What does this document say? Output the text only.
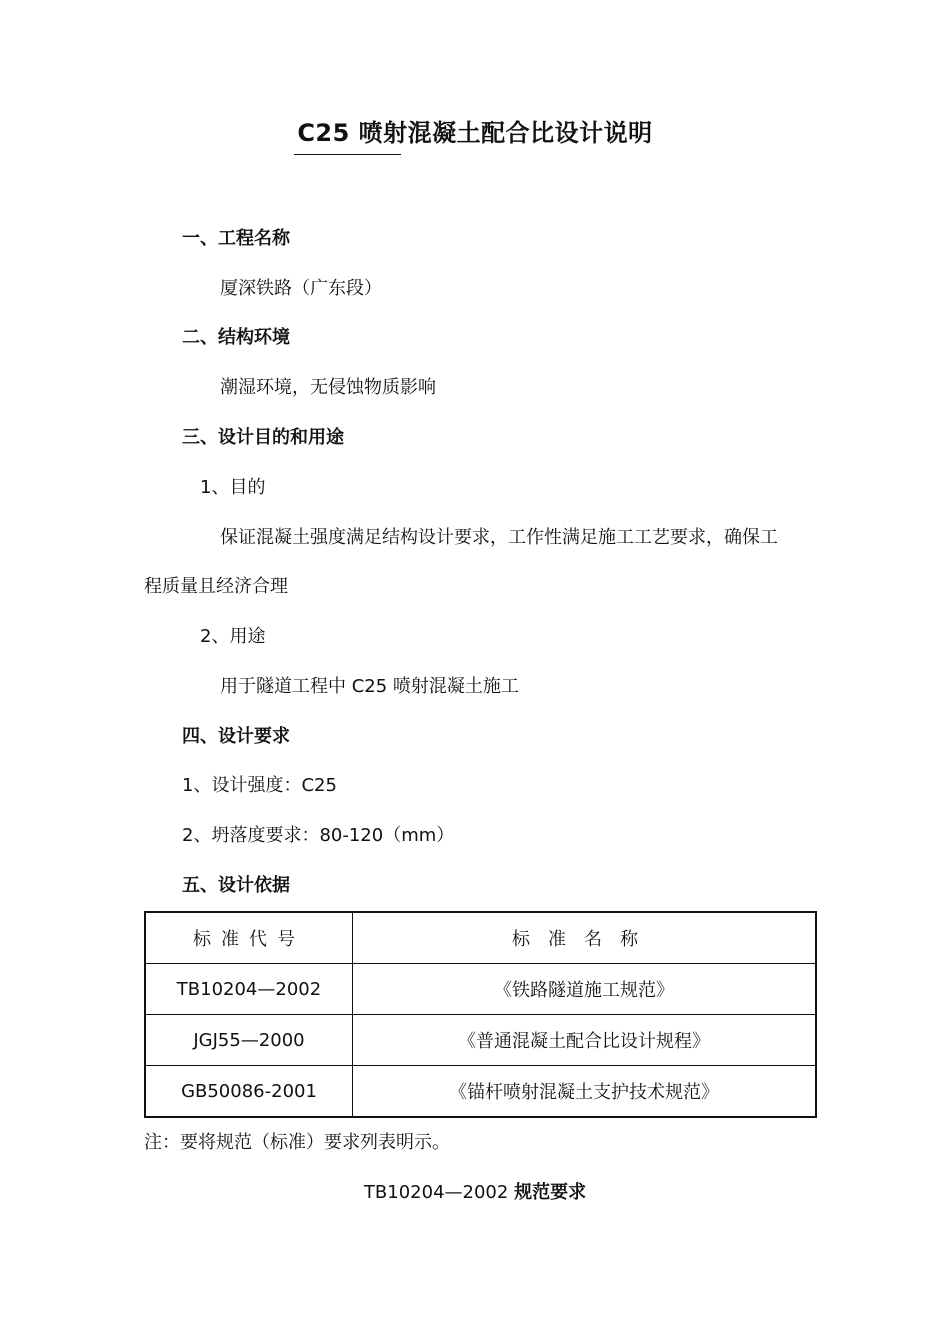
C25 喷射混凝土配合比设计说明
一、工程名称
厦深铁路（广东段）
二、结构环境
潮湿环境，无侵蚀物质影响
三、设计目的和用途
1、目的
保证混凝土强度满足结构设计要求，工作性满足施工工艺要求，确保工
程质量且经济合理
2、用途
用于隧道工程中 C25 喷射混凝土施工
四、设计要求
1、设计强度：C25
2、坍落度要求：80-120（mm）
五、设计依据
标准代号	标准名称
TB10204—2002	《铁路隧道施工规范》
JGJ55—2000	《普通混凝土配合比设计规程》
GB50086-2001	《锚杆喷射混凝土支护技术规范》
注：要将规范（标准）要求列表明示。
TB10204—2002 规范要求
